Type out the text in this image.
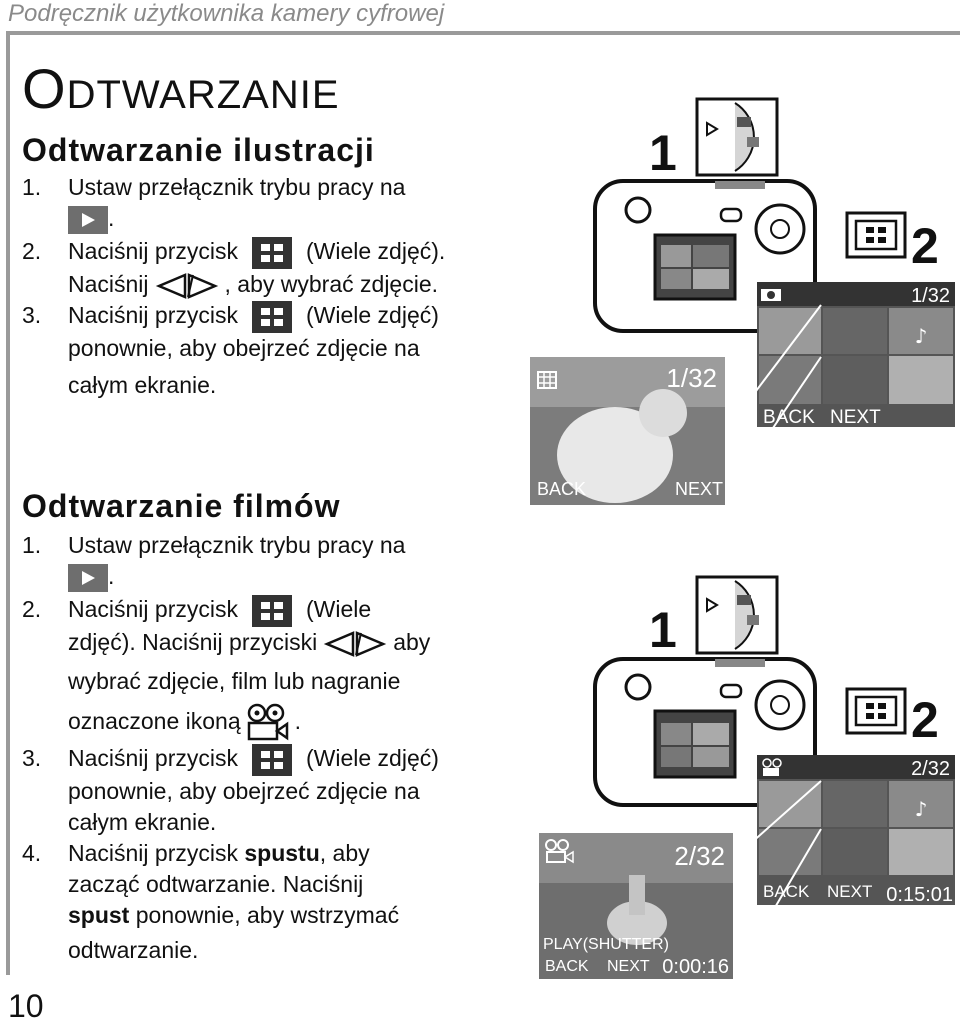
Podręcznik użytkownika kamery cyfrowej
10
ODTWARZANIE
Odtwarzanie ilustracji
1. Ustaw przełącznik trybu pracy na
.
2. Naciśnij przycisk	(Wiele zdjęć).
Naciśnij	, aby wybrać zdjęcie.
3. Naciśnij przycisk	(Wiele zdjęć)
ponownie, aby obejrzeć zdjęcie na
całym ekranie.
Odtwarzanie filmów
1. Ustaw przełącznik trybu pracy na
.
2. Naciśnij przycisk	(Wiele
zdjęć). Naciśnij przyciski	aby
wybrać zdjęcie, film lub nagranie
oznaczone ikoną .
3. Naciśnij przycisk	(Wiele zdjęć)
ponownie, aby obejrzeć zdjęcie na
całym ekranie.
4. Naciśnij przycisk spustu, aby
zacząć odtwarzanie. Naciśnij
spust ponownie, aby wstrzymać
odtwarzanie.
1
2
1/32
♪
BACK NEXT
1/32
BACK	NEXT
1
2
2/32
♪
BACK NEXT 0:15:01
2/32
PLAY(SHUTTER)
BACK NEXT 0:00:16
